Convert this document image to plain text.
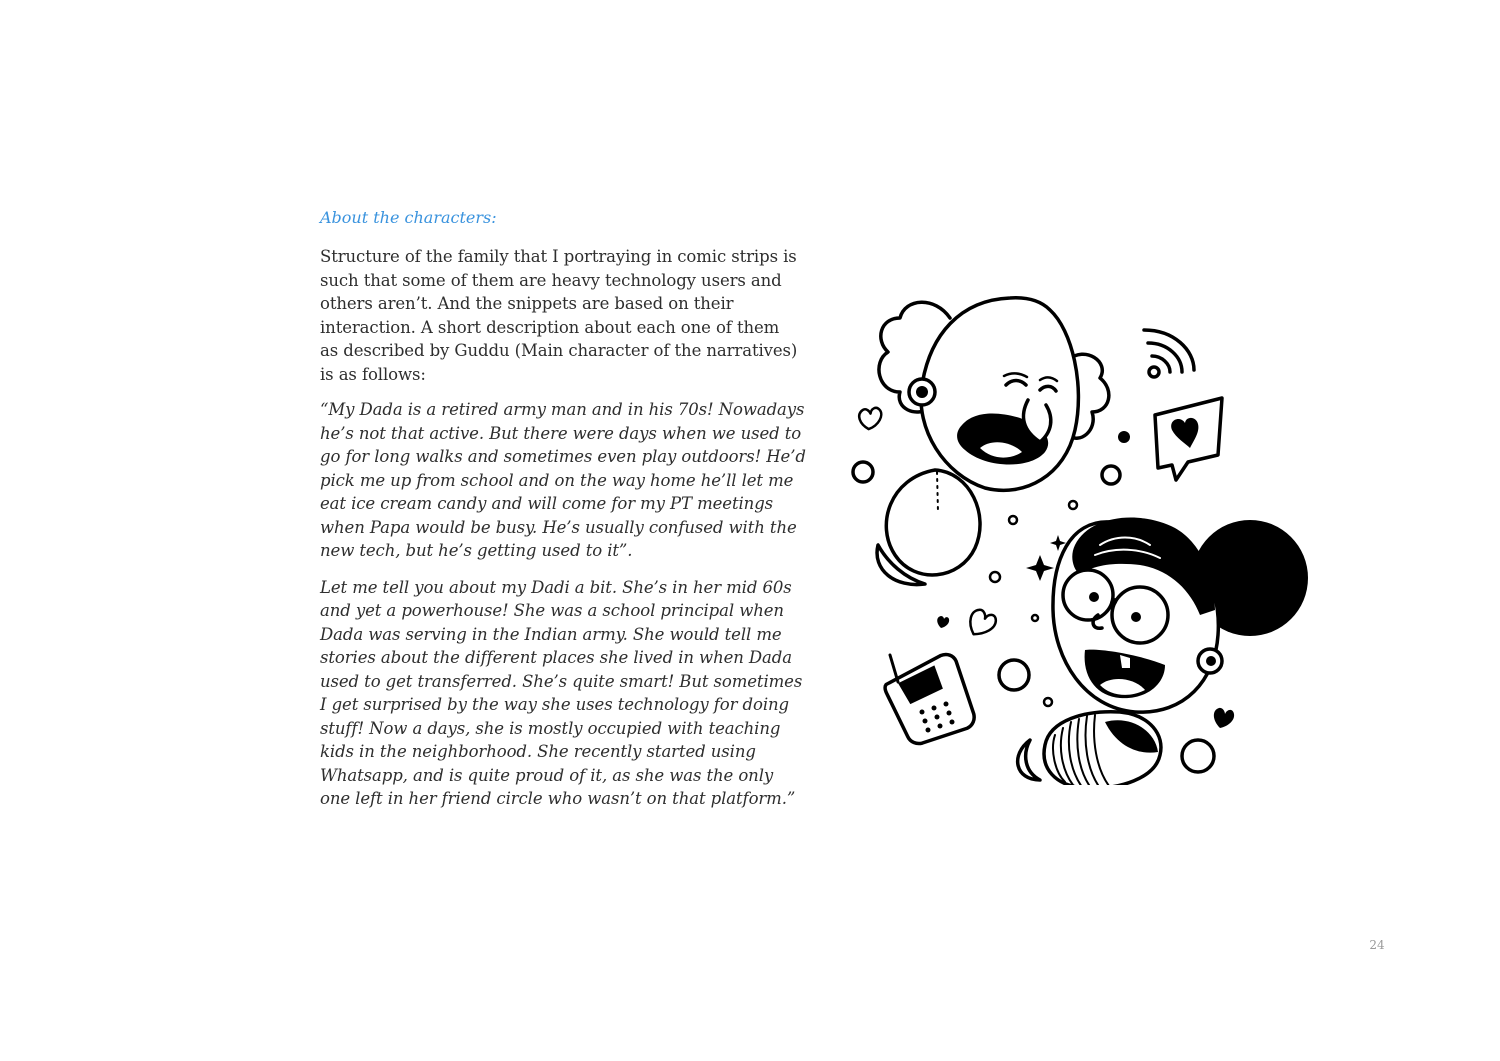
About the characters:

Structure of the family that I portraying in comic strips is
such that some of them are heavy technology users and
others aren’t. And the snippets are based on their
interaction. A short description about each one of them
as described by Guddu (Main character of the narratives)
is as follows:

“My Dada is a retired army man and in his 70s! Nowadays
he’s not that active. But there were days when we used to
go for long walks and sometimes even play outdoors! He’d
pick me up from school and on the way home he’ll let me
eat ice cream candy and will come for my PT meetings
when Papa would be busy. He’s usually confused with the
new tech, but he’s getting used to it”.

Let me tell you about my Dadi a bit. She’s in her mid 60s
and yet a powerhouse! She was a school principal when
Dada was serving in the Indian army. She would tell me
stories about the different places she lived in when Dada
used to get transferred. She’s quite smart! But sometimes
I get surprised by the way she uses technology for doing
stuff! Now a days, she is mostly occupied with teaching
kids in the neighborhood. She recently started using
Whatsapp, and is quite proud of it, as she was the only
one left in her friend circle who wasn’t on that platform.”

24
